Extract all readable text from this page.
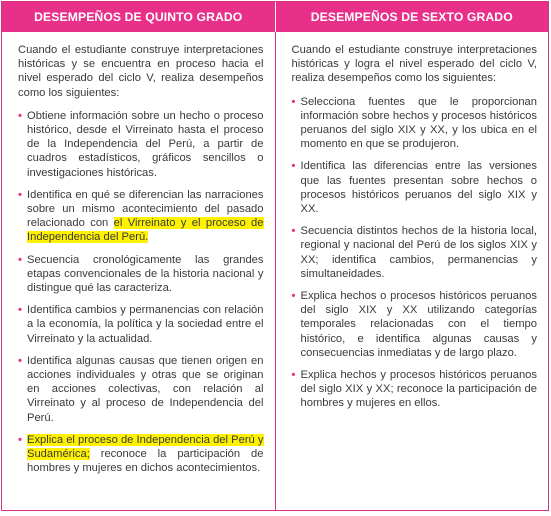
DESEMPEÑOS DE QUINTO GRADO	DESEMPEÑOS DE SEXTO GRADO

Cuando el estudiante construye interpretaciones históricas y se encuentra en proceso hacia el nivel esperado del ciclo V, realiza desempeños como los siguientes:

• Obtiene información sobre un hecho o proceso histórico, desde el Virreinato hasta el proceso de la Independencia del Perú, a partir de cuadros estadísticos, gráficos sencillos o investigaciones históricas.
• Identifica en qué se diferencian las narraciones sobre un mismo acontecimiento del pasado relacionado con el Virreinato y el proceso de Independencia del Perú.
• Secuencia cronológicamente las grandes etapas convencionales de la historia nacional y distingue qué las caracteriza.
• Identifica cambios y permanencias con relación a la economía, la política y la sociedad entre el Virreinato y la actualidad.
• Identifica algunas causas que tienen origen en acciones individuales y otras que se originan en acciones colectivas, con relación al Virreinato y al proceso de Independencia del Perú.
• Explica el proceso de Independencia del Perú y Sudamérica; reconoce la participación de hombres y mujeres en dichos acontecimientos.

Cuando el estudiante construye interpretaciones históricas y logra el nivel esperado del ciclo V, realiza desempeños como los siguientes:

• Selecciona fuentes que le proporcionan información sobre hechos y procesos históricos peruanos del siglo XIX y XX, y los ubica en el momento en que se produjeron.
• Identifica las diferencias entre las versiones que las fuentes presentan sobre hechos o procesos históricos peruanos del siglo XIX y XX.
• Secuencia distintos hechos de la historia local, regional y nacional del Perú de los siglos XIX y XX; identifica cambios, permanencias y simultaneidades.
• Explica hechos o procesos históricos peruanos del siglo XIX y XX utilizando categorías temporales relacionadas con el tiempo histórico, e identifica algunas causas y consecuencias inmediatas y de largo plazo.
• Explica hechos y procesos históricos peruanos del siglo XIX y XX; reconoce la participación de hombres y mujeres en ellos.
